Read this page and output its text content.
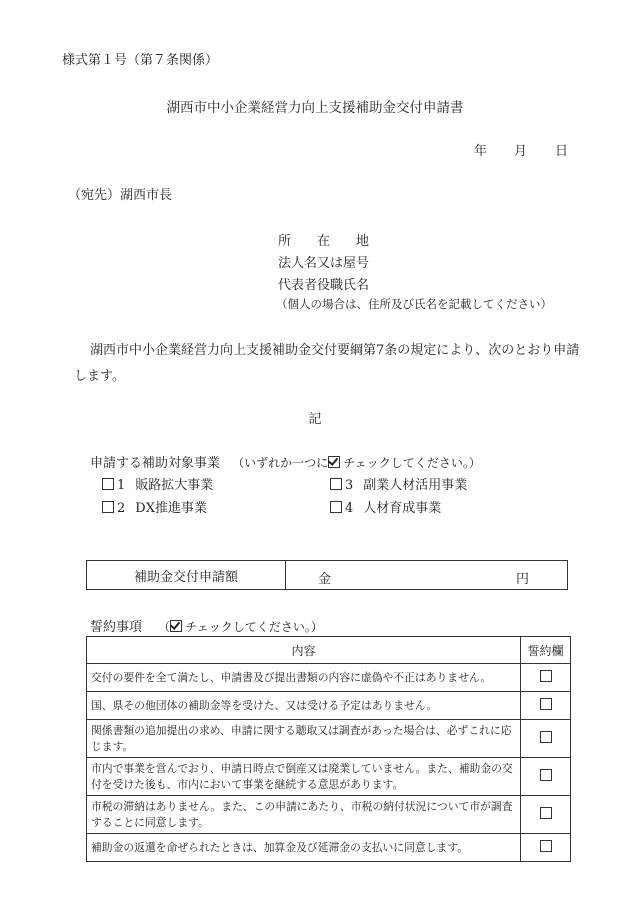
様式第１号（第７条関係）
湖西市中小企業経営力向上支援補助金交付申請書
年 月 日
（宛先）湖西市長
所　　在　　地
法人名又は屋号
代表者役職氏名
（個人の場合は、住所及び氏名を記載してください）
湖西市中小企業経営力向上支援補助金交付要綱第7条の規定により、次のとおり申請します。
記
申請する補助対象事業 （いずれか一つに チェックしてください。）
1 販路拡大事業	3 副業人材活用事業
2 DX推進事業	4 人材育成事業
補助金交付申請額	金	円
誓約事項 （ チェックしてください。）
内容	誓約欄
交付の要件を全て満たし、申請書及び提出書類の内容に虚偽や不正はありません。	
国、県その他団体の補助金等を受けた、又は受ける予定はありません。	
関係書類の追加提出の求め、申請に関する聴取又は調査があった場合は、必ずこれに応じます。	
市内で事業を営んでおり、申請日時点で倒産又は廃業していません。また、補助金の交付を受けた後も、市内において事業を継続する意思があります。	
市税の滞納はありません。また、この申請にあたり、市税の納付状況について市が調査することに同意します。	
補助金の返還を命ぜられたときは、加算金及び延滞金の支払いに同意します。	
